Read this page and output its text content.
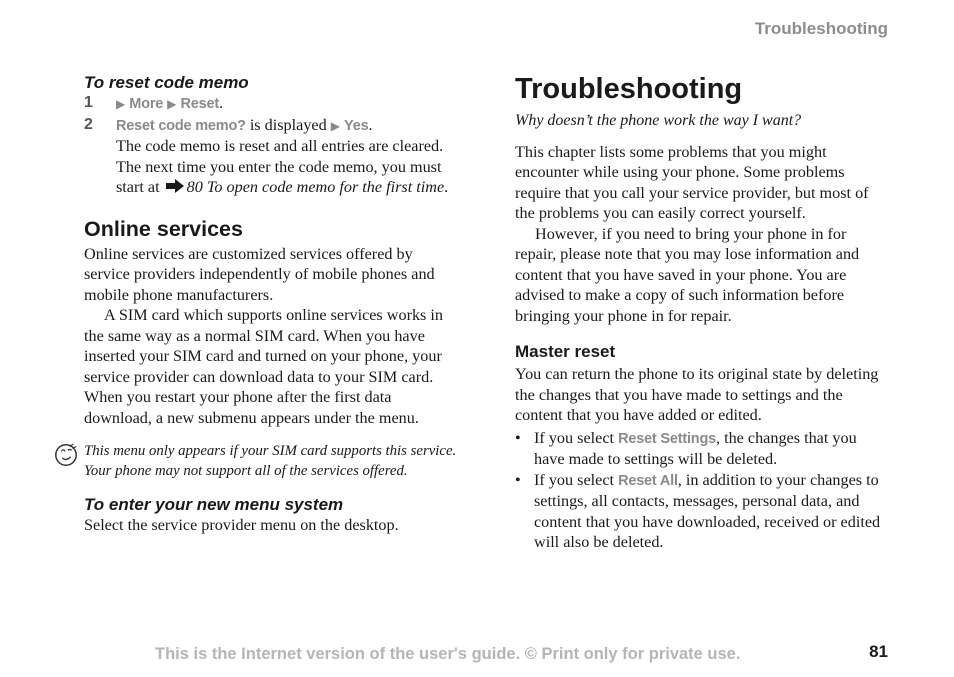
Troubleshooting
To reset code memo
1	▶ More ▶ Reset.
2	Reset code memo? is displayed ▶ Yes.
The code memo is reset and all entries are cleared. The next time you enter the code memo, you must start at 80 To open code memo for the first time.
Online services

Online services are customized services offered by service providers independently of mobile phones and mobile phone manufacturers.

A SIM card which supports online services works in the same way as a normal SIM card. When you have inserted your SIM card and turned on your phone, your service provider can download data to your SIM card. When you restart your phone after the first data download, a new submenu appears under the menu.

This menu only appears if your SIM card supports this service. Your phone may not support all of the services offered.
To enter your new menu system

Select the service provider menu on the desktop.

Troubleshooting

Why doesn’t the phone work the way I want?

This chapter lists some problems that you might encounter while using your phone. Some problems require that you call your service provider, but most of the problems you can easily correct yourself.

However, if you need to bring your phone in for repair, please note that you may lose information and content that you have saved in your phone. You are advised to make a copy of such information before bringing your phone in for repair.

Master reset

You can return the phone to its original state by deleting the changes that you have made to settings and the content that you have added or edited.

• If you select Reset Settings, the changes that you have made to settings will be deleted.
• If you select Reset All, in addition to your changes to settings, all contacts, messages, personal data, and content that you have downloaded, received or edited will also be deleted.
This is the Internet version of the user's guide. © Print only for private use.	81
